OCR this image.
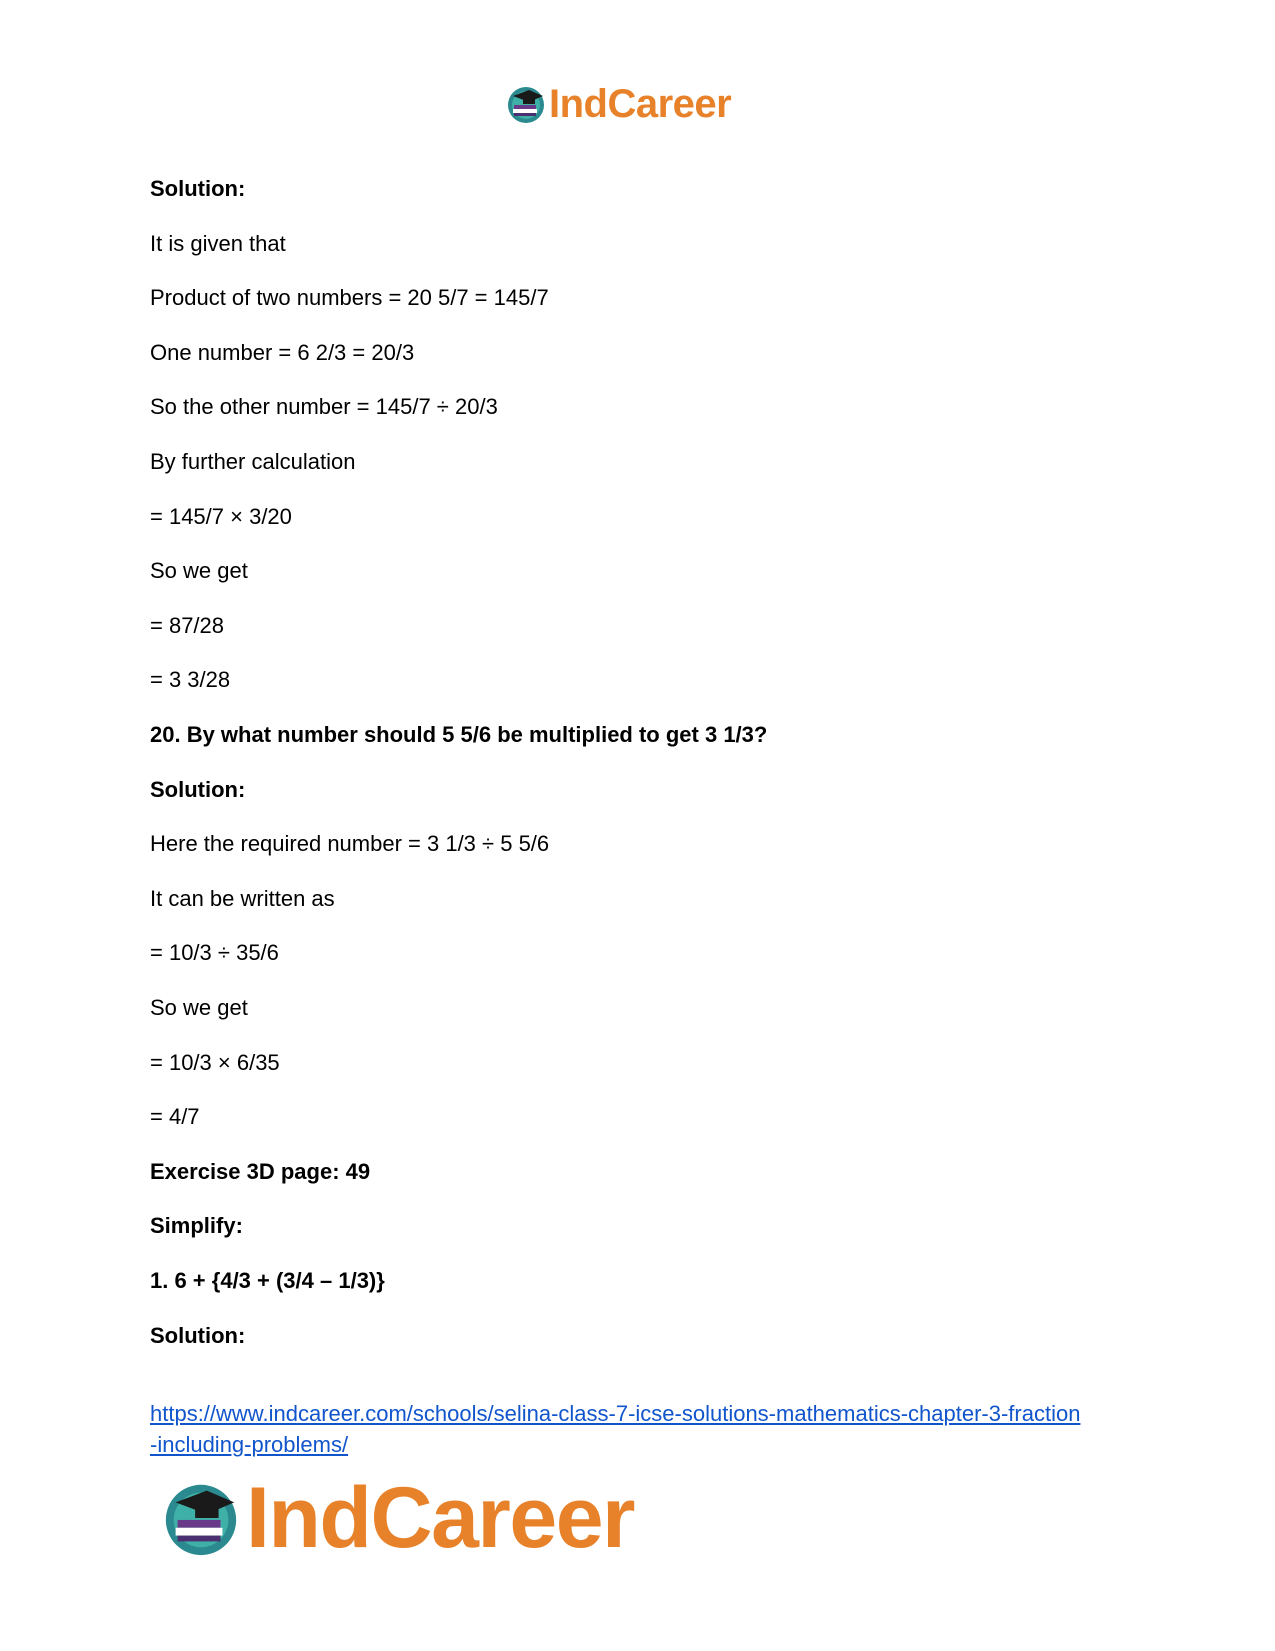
IndCareer
Solution:
It is given that
Product of two numbers = 20 5/7 = 145/7
One number = 6 2/3 = 20/3
So the other number = 145/7 ÷ 20/3
By further calculation
= 145/7 × 3/20
So we get
= 87/28
= 3 3/28
20. By what number should 5 5/6 be multiplied to get 3 1/3?
Solution:
Here the required number = 3 1/3 ÷ 5 5/6
It can be written as
= 10/3 ÷ 35/6
So we get
= 10/3 × 6/35
= 4/7
Exercise 3D page: 49
Simplify:
1. 6 + {4/3 + (3/4 – 1/3)}
Solution:
https://www.indcareer.com/schools/selina-class-7-icse-solutions-mathematics-chapter-3-fraction
-including-problems/
IndCareer
